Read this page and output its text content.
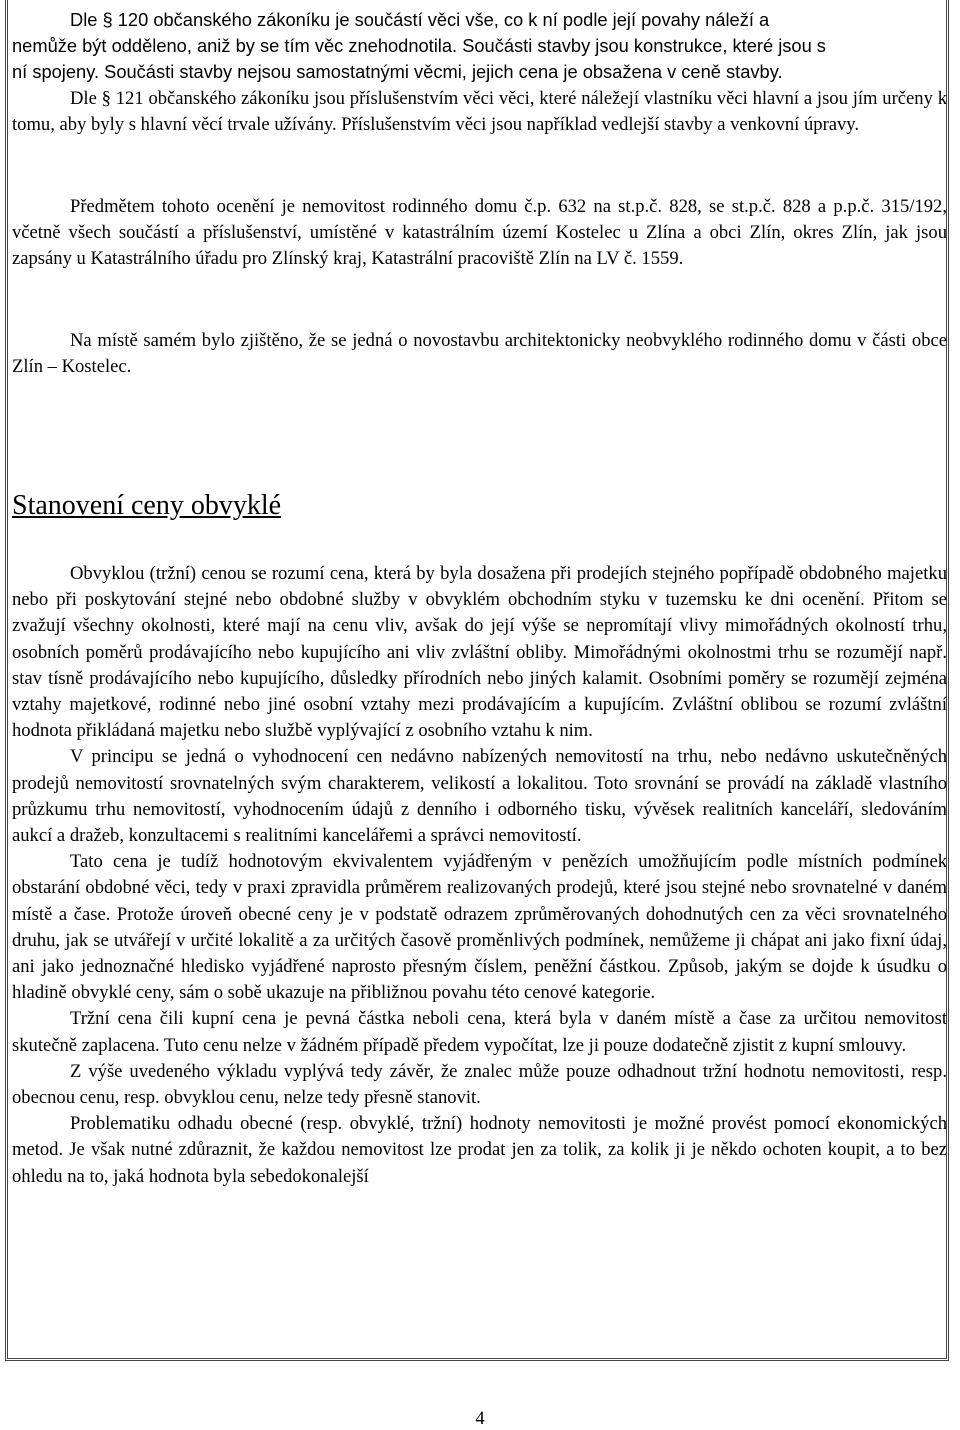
Dle § 120 občanského zákoníku je součástí věci vše, co k ní podle její povahy náleží a

nemůže být odděleno, aniž by se tím věc znehodnotila. Součásti stavby jsou konstrukce, které jsou s

ní spojeny. Součásti stavby nejsou samostatnými věcmi, jejich cena je obsažena v ceně stavby.

Dle § 121 občanského zákoníku jsou příslušenstvím věci věci, které náležejí vlastníku věci hlavní a jsou jím určeny k tomu, aby byly s hlavní věcí trvale užívány. Příslušenstvím věci jsou například vedlejší stavby a venkovní úpravy.

Předmětem tohoto ocenění je nemovitost rodinného domu č.p. 632 na st.p.č. 828, se st.p.č. 828 a p.p.č. 315/192, včetně všech součástí a příslušenství, umístěné v katastrálním území Kostelec u Zlína a obci Zlín, okres Zlín, jak jsou zapsány u Katastrálního úřadu pro Zlínský kraj, Katastrální pracoviště Zlín na LV č. 1559.

Na místě samém bylo zjištěno, že se jedná o novostavbu architektonicky neobvyklého rodinného domu v části obce Zlín – Kostelec.

Stanovení ceny obvyklé

Obvyklou (tržní) cenou se rozumí cena, která by byla dosažena při prodejích stejného popřípadě obdobného majetku nebo při poskytování stejné nebo obdobné služby v obvyklém obchodním styku v tuzemsku ke dni ocenění. Přitom se zvažují všechny okolnosti, které mají na cenu vliv, avšak do její výše se nepromítají vlivy mimořádných okolností trhu, osobních poměrů prodávajícího nebo kupujícího ani vliv zvláštní obliby. Mimořádnými okolnostmi trhu se rozumějí např. stav tísně prodávajícího nebo kupujícího, důsledky přírodních nebo jiných kalamit. Osobními poměry se rozumějí zejména vztahy majetkové, rodinné nebo jiné osobní vztahy mezi prodávajícím a kupujícím. Zvláštní oblibou se rozumí zvláštní hodnota přikládaná majetku nebo službě vyplývající z osobního vztahu k nim.

V principu se jedná o vyhodnocení cen nedávno nabízených nemovitostí na trhu, nebo nedávno uskutečněných prodejů nemovitostí srovnatelných svým charakterem, velikostí a lokalitou. Toto srovnání se provádí na základě vlastního průzkumu trhu nemovitostí, vyhodnocením údajů z denního i odborného tisku, vývěsek realitních kanceláří, sledováním aukcí a dražeb, konzultacemi s realitními kancelářemi a správci nemovitostí.

Tato cena je tudíž hodnotovým ekvivalentem vyjádřeným v penězích umožňujícím podle místních podmínek obstarání obdobné věci, tedy v praxi zpravidla průměrem realizovaných prodejů, které jsou stejné nebo srovnatelné v daném místě a čase. Protože úroveň obecné ceny je v podstatě odrazem zprůměrovaných dohodnutých cen za věci srovnatelného druhu, jak se utvářejí v určité lokalitě a za určitých časově proměnlivých podmínek, nemůžeme ji chápat ani jako fixní údaj, ani jako jednoznačné hledisko vyjádřené naprosto přesným číslem, peněžní částkou. Způsob, jakým se dojde k úsudku o hladině obvyklé ceny, sám o sobě ukazuje na přibližnou povahu této cenové kategorie.

Tržní cena čili kupní cena je pevná částka neboli cena, která byla v daném místě a čase za určitou nemovitost skutečně zaplacena. Tuto cenu nelze v žádném případě předem vypočítat, lze ji pouze dodatečně zjistit z kupní smlouvy.

Z výše uvedeného výkladu vyplývá tedy závěr, že znalec může pouze odhadnout tržní hodnotu nemovitosti, resp. obecnou cenu, resp. obvyklou cenu, nelze tedy přesně stanovit.

Problematiku odhadu obecné (resp. obvyklé, tržní) hodnoty nemovitosti je možné provést pomocí ekonomických metod. Je však nutné zdůraznit, že každou nemovitost lze prodat jen za tolik, za kolik ji je někdo ochoten koupit, a to bez ohledu na to, jaká hodnota byla sebedokonalejší

4
